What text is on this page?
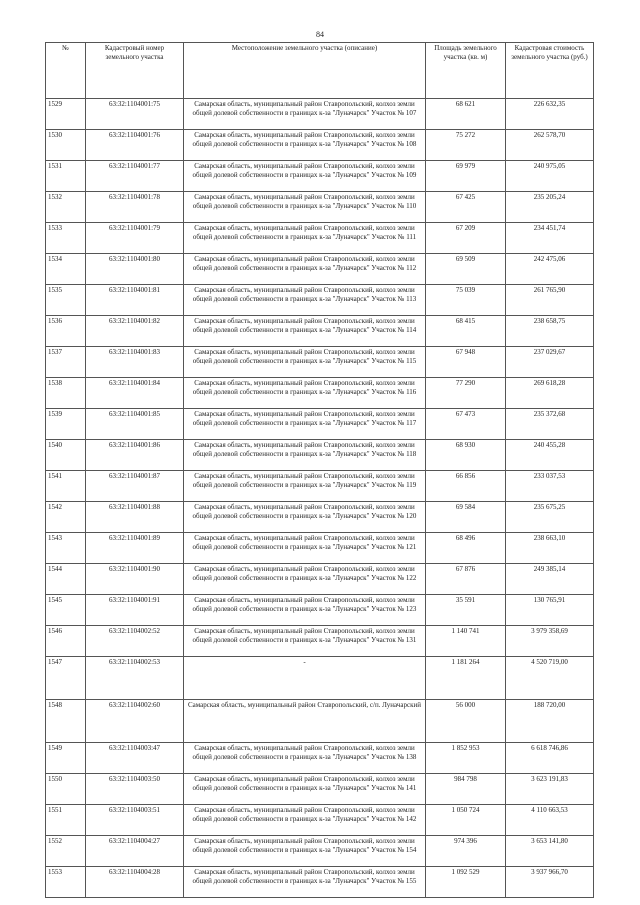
84
№	Кадастровый номер земельного участка	Местоположение земельного участка (описание)	Площадь земельного участка (кв. м)	Кадастровая стоимость земельного участка (руб.)
1529	63:32:1104001:75	Самарская область, муниципальный район Ставропольский, колхоз земли общей долевой собственности в границах к-за "Луначарск" Участок № 107	68 621	226 632,35
1530	63:32:1104001:76	Самарская область, муниципальный район Ставропольский, колхоз земли общей долевой собственности в границах к-за "Луначарск" Участок № 108	75 272	262 578,70
1531	63:32:1104001:77	Самарская область, муниципальный район Ставропольский, колхоз земли общей долевой собственности в границах к-за "Луначарск" Участок № 109	69 979	240 975,05
1532	63:32:1104001:78	Самарская область, муниципальный район Ставропольский, колхоз земли общей долевой собственности в границах к-за "Луначарск" Участок № 110	67 425	235 205,24
1533	63:32:1104001:79	Самарская область, муниципальный район Ставропольский, колхоз земли общей долевой собственности в границах к-за "Луначарск" Участок № 111	67 209	234 451,74
1534	63:32:1104001:80	Самарская область, муниципальный район Ставропольский, колхоз земли общей долевой собственности в границах к-за "Луначарск" Участок № 112	69 509	242 475,06
1535	63:32:1104001:81	Самарская область, муниципальный район Ставропольский, колхоз земли общей долевой собственности в границах к-за "Луначарск" Участок № 113	75 039	261 765,90
1536	63:32:1104001:82	Самарская область, муниципальный район Ставропольский, колхоз земли общей долевой собственности в границах к-за "Луначарск" Участок № 114	68 415	238 658,75
1537	63:32:1104001:83	Самарская область, муниципальный район Ставропольский, колхоз земли общей долевой собственности в границах к-за "Луначарск" Участок № 115	67 948	237 029,67
1538	63:32:1104001:84	Самарская область, муниципальный район Ставропольский, колхоз земли общей долевой собственности в границах к-за "Луначарск" Участок № 116	77 290	269 618,28
1539	63:32:1104001:85	Самарская область, муниципальный район Ставропольский, колхоз земли общей долевой собственности в границах к-за "Луначарск" Участок № 117	67 473	235 372,68
1540	63:32:1104001:86	Самарская область, муниципальный район Ставропольский, колхоз земли общей долевой собственности в границах к-за "Луначарск" Участок № 118	68 930	240 455,28
1541	63:32:1104001:87	Самарская область, муниципальный район Ставропольский, колхоз земли общей долевой собственности в границах к-за "Луначарск" Участок № 119	66 856	233 037,53
1542	63:32:1104001:88	Самарская область, муниципальный район Ставропольский, колхоз земли общей долевой собственности в границах к-за "Луначарск" Участок № 120	69 584	235 675,25
1543	63:32:1104001:89	Самарская область, муниципальный район Ставропольский, колхоз земли общей долевой собственности в границах к-за "Луначарск" Участок № 121	68 496	238 663,10
1544	63:32:1104001:90	Самарская область, муниципальный район Ставропольский, колхоз земли общей долевой собственности в границах к-за "Луначарск" Участок № 122	67 876	249 385,14
1545	63:32:1104001:91	Самарская область, муниципальный район Ставропольский, колхоз земли общей долевой собственности в границах к-за "Луначарск" Участок № 123	35 591	130 765,91
1546	63:32:1104002:52	Самарская область, муниципальный район Ставропольский, колхоз земли общей долевой собственности в границах к-за "Луначарск" Участок № 131	1 140 741	3 979 358,69
1547	63:32:1104002:53	-	1 181 264	4 520 719,00
1548	63:32:1104002:60	Самарская область, муниципальный район Ставропольский, с/п. Луначарский	56 000	188 720,00
1549	63:32:1104003:47	Самарская область, муниципальный район Ставропольский, колхоз земли общей долевой собственности в границах к-за "Луначарск" Участок № 138	1 852 953	6 618 746,86
1550	63:32:1104003:50	Самарская область, муниципальный район Ставропольский, колхоз земли общей долевой собственности в границах к-за "Луначарск" Участок № 141	984 798	3 623 191,83
1551	63:32:1104003:51	Самарская область, муниципальный район Ставропольский, колхоз земли общей долевой собственности в границах к-за "Луначарск" Участок № 142	1 050 724	4 110 663,53
1552	63:32:1104004:27	Самарская область, муниципальный район Ставропольский, колхоз земли общей долевой собственности в границах к-за "Луначарск" Участок № 154	974 396	3 653 141,80
1553	63:32:1104004:28	Самарская область, муниципальный район Ставропольский, колхоз земли общей долевой собственности в границах к-за "Луначарск" Участок № 155	1 092 529	3 937 966,70
